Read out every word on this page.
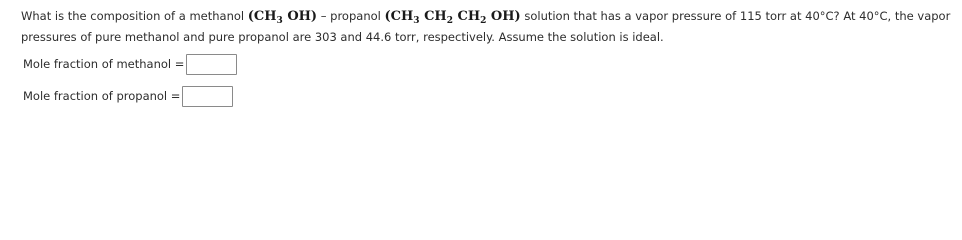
What is the composition of a methanol ($CH_3$ OH) – propanol ($CH_3$ $CH_2$ $CH_2$ OH) solution that has a vapor pressure of 115 torr at 40°C? At 40°C, the vapor pressures of pure methanol and pure propanol are 303 and 44.6 torr, respectively. Assume the solution is ideal.
Mole fraction of methanol =
Mole fraction of propanol =
